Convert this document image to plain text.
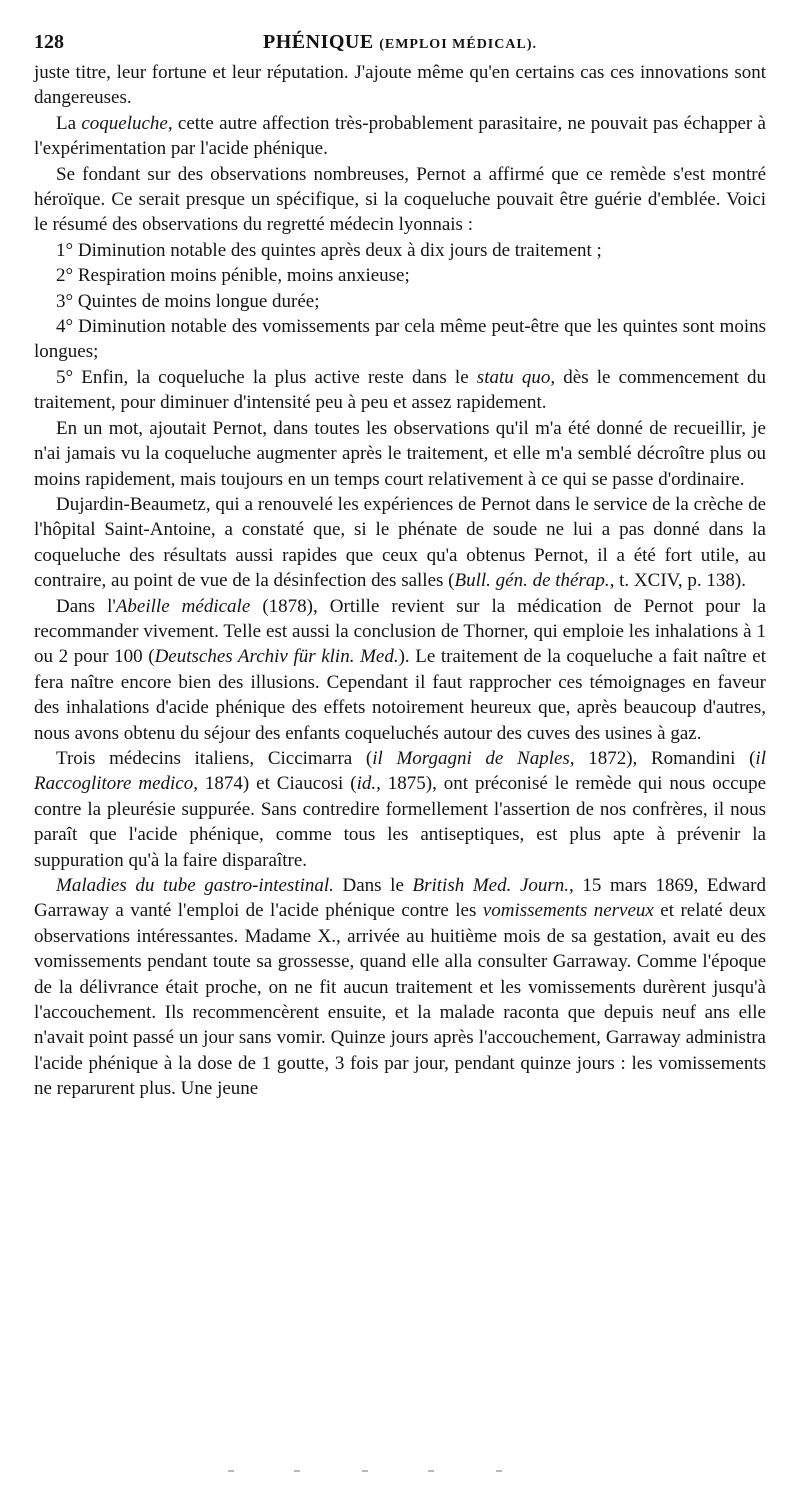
128	PHÉNIQUE (EMPLOI MÉDICAL).

juste titre, leur fortune et leur réputation. J'ajoute même qu'en certains cas ces innovations sont dangereuses.

La coqueluche, cette autre affection très-probablement parasitaire, ne pouvait pas échapper à l'expérimentation par l'acide phénique.

Se fondant sur des observations nombreuses, Pernot a affirmé que ce remède s'est montré héroïque. Ce serait presque un spécifique, si la coqueluche pouvait être guérie d'emblée. Voici le résumé des observations du regretté médecin lyonnais :

1° Diminution notable des quintes après deux à dix jours de traitement ;

2° Respiration moins pénible, moins anxieuse;

3° Quintes de moins longue durée;

4° Diminution notable des vomissements par cela même peut-être que les quintes sont moins longues;

5° Enfin, la coqueluche la plus active reste dans le statu quo, dès le commencement du traitement, pour diminuer d'intensité peu à peu et assez rapidement.

En un mot, ajoutait Pernot, dans toutes les observations qu'il m'a été donné de recueillir, je n'ai jamais vu la coqueluche augmenter après le traitement, et elle m'a semblé décroître plus ou moins rapidement, mais toujours en un temps court relativement à ce qui se passe d'ordinaire.

Dujardin-Beaumetz, qui a renouvelé les expériences de Pernot dans le service de la crèche de l'hôpital Saint-Antoine, a constaté que, si le phénate de soude ne lui a pas donné dans la coqueluche des résultats aussi rapides que ceux qu'a obtenus Pernot, il a été fort utile, au contraire, au point de vue de la désinfection des salles (Bull. gén. de thérap., t. XCIV, p. 138).

Dans l'Abeille médicale (1878), Ortille revient sur la médication de Pernot pour la recommander vivement. Telle est aussi la conclusion de Thorner, qui emploie les inhalations à 1 ou 2 pour 100 (Deutsches Archiv für klin. Med.). Le traitement de la coqueluche a fait naître et fera naître encore bien des illusions. Cependant il faut rapprocher ces témoignages en faveur des inhalations d'acide phénique des effets notoirement heureux que, après beaucoup d'autres, nous avons obtenu du séjour des enfants coqueluchés autour des cuves des usines à gaz.

Trois médecins italiens, Ciccimarra (il Morgagni de Naples, 1872), Romandini (il Raccoglitore medico, 1874) et Ciaucosi (id., 1875), ont préconisé le remède qui nous occupe contre la pleurésie suppurée. Sans contredire formellement l'assertion de nos confrères, il nous paraît que l'acide phénique, comme tous les antiseptiques, est plus apte à prévenir la suppuration qu'à la faire disparaître.

Maladies du tube gastro-intestinal. Dans le British Med. Journ., 15 mars 1869, Edward Garraway a vanté l'emploi de l'acide phénique contre les vomissements nerveux et relaté deux observations intéressantes. Madame X., arrivée au huitième mois de sa gestation, avait eu des vomissements pendant toute sa grossesse, quand elle alla consulter Garraway. Comme l'époque de la délivrance était proche, on ne fit aucun traitement et les vomissements durèrent jusqu'à l'accouchement. Ils recommencèrent ensuite, et la malade raconta que depuis neuf ans elle n'avait point passé un jour sans vomir. Quinze jours après l'accouchement, Garraway administra l'acide phénique à la dose de 1 goutte, 3 fois par jour, pendant quinze jours : les vomissements ne reparurent plus. Une jeune
